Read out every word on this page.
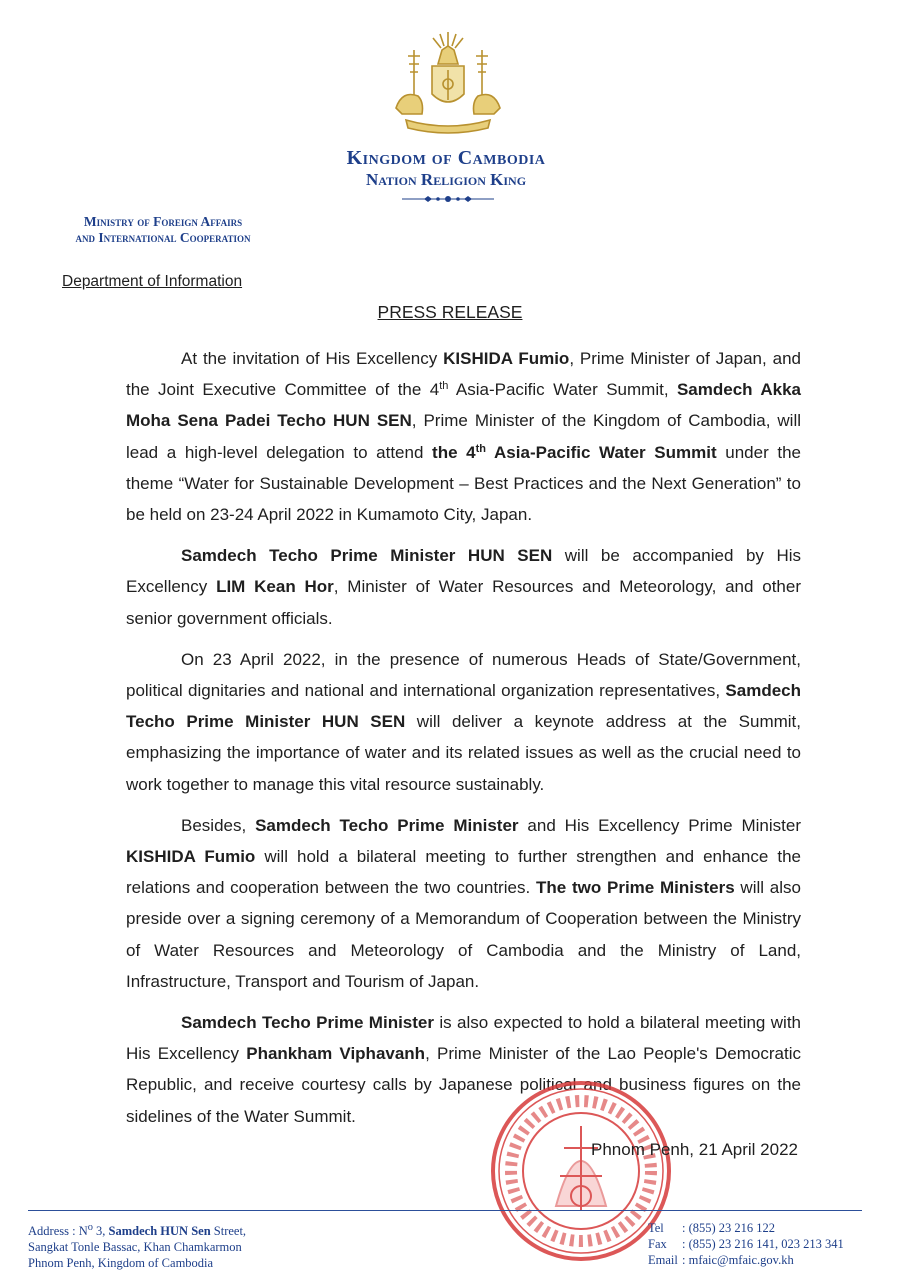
Kingdom of Cambodia
Nation Religion King
Ministry of Foreign Affairs
and International Cooperation
Department of Information
PRESS RELEASE

At the invitation of His Excellency KISHIDA Fumio, Prime Minister of Japan, and the Joint Executive Committee of the 4th Asia-Pacific Water Summit, Samdech Akka Moha Sena Padei Techo HUN SEN, Prime Minister of the Kingdom of Cambodia, will lead a high-level delegation to attend the 4th Asia-Pacific Water Summit under the theme “Water for Sustainable Development – Best Practices and the Next Generation” to be held on 23-24 April 2022 in Kumamoto City, Japan.

Samdech Techo Prime Minister HUN SEN will be accompanied by His Excellency LIM Kean Hor, Minister of Water Resources and Meteorology, and other senior government officials.

On 23 April 2022, in the presence of numerous Heads of State/Government, political dignitaries and national and international organization representatives, Samdech Techo Prime Minister HUN SEN will deliver a keynote address at the Summit, emphasizing the importance of water and its related issues as well as the crucial need to work together to manage this vital resource sustainably.

Besides, Samdech Techo Prime Minister and His Excellency Prime Minister KISHIDA Fumio will hold a bilateral meeting to further strengthen and enhance the relations and cooperation between the two countries. The two Prime Ministers will also preside over a signing ceremony of a Memorandum of Cooperation between the Ministry of Water Resources and Meteorology of Cambodia and the Ministry of Land, Infrastructure, Transport and Tourism of Japan.

Samdech Techo Prime Minister is also expected to hold a bilateral meeting with His Excellency Phankham Viphavanh, Prime Minister of the Lao People's Democratic Republic, and receive courtesy calls by Japanese political and business figures on the sidelines of the Water Summit.

Phnom Penh, 21 April 2022
Address : $N^o$ 3, Samdech HUN Sen Street,
Sangkat Tonle Bassac, Khan Chamkarmon
Phnom Penh, Kingdom of Cambodia
Tel	: (855) 23 216 122
Fax	: (855) 23 216 141, 023 213 341
Email : mfaic@mfaic.gov.kh
